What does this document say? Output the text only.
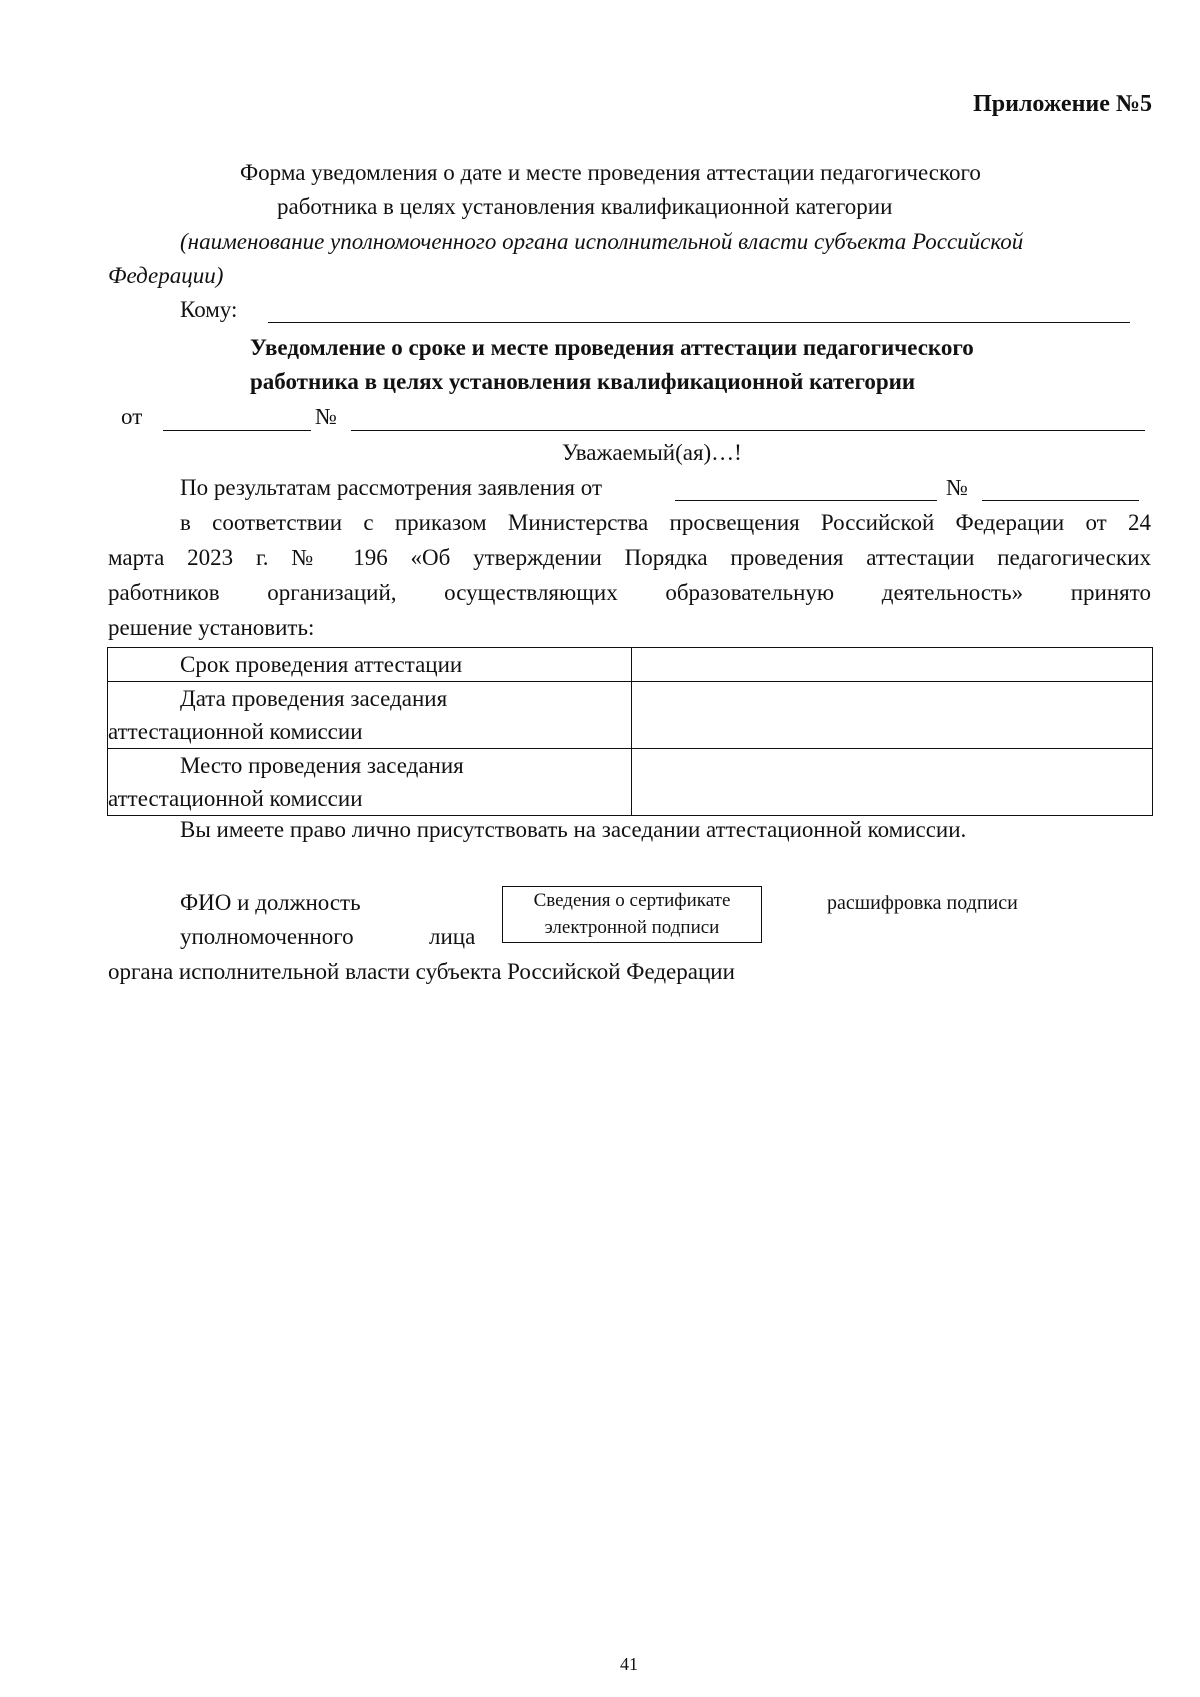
Приложение №5
Форма уведомления о дате и месте проведения аттестации педагогического
работника в целях установления квалификационной категории
(наименование уполномоченного органа исполнительной власти субъекта Российской
Федерации)
Кому:
Уведомление о сроке и месте проведения аттестации педагогического
работника в целях установления квалификационной категории
от	№
Уважаемый(ая)…!
По результатам рассмотрения заявления от	№
в соответствии с приказом Министерства просвещения Российской Федерации от 24
марта 2023 г. № 196 «Об утверждении Порядка проведения аттестации педагогических
работников организаций, осуществляющих образовательную деятельность» принято
решение установить:
Срок проведения аттестации	

Дата проведения заседания
аттестационной комиссии	

Место проведения заседания
аттестационной комиссии	

Вы имеете право лично присутствовать на заседании аттестационной комиссии.
ФИО и должность
уполномоченного	лица
органа исполнительной власти субъекта Российской Федерации
Сведения о сертификате
электронной подписи
расшифровка подписи
41
